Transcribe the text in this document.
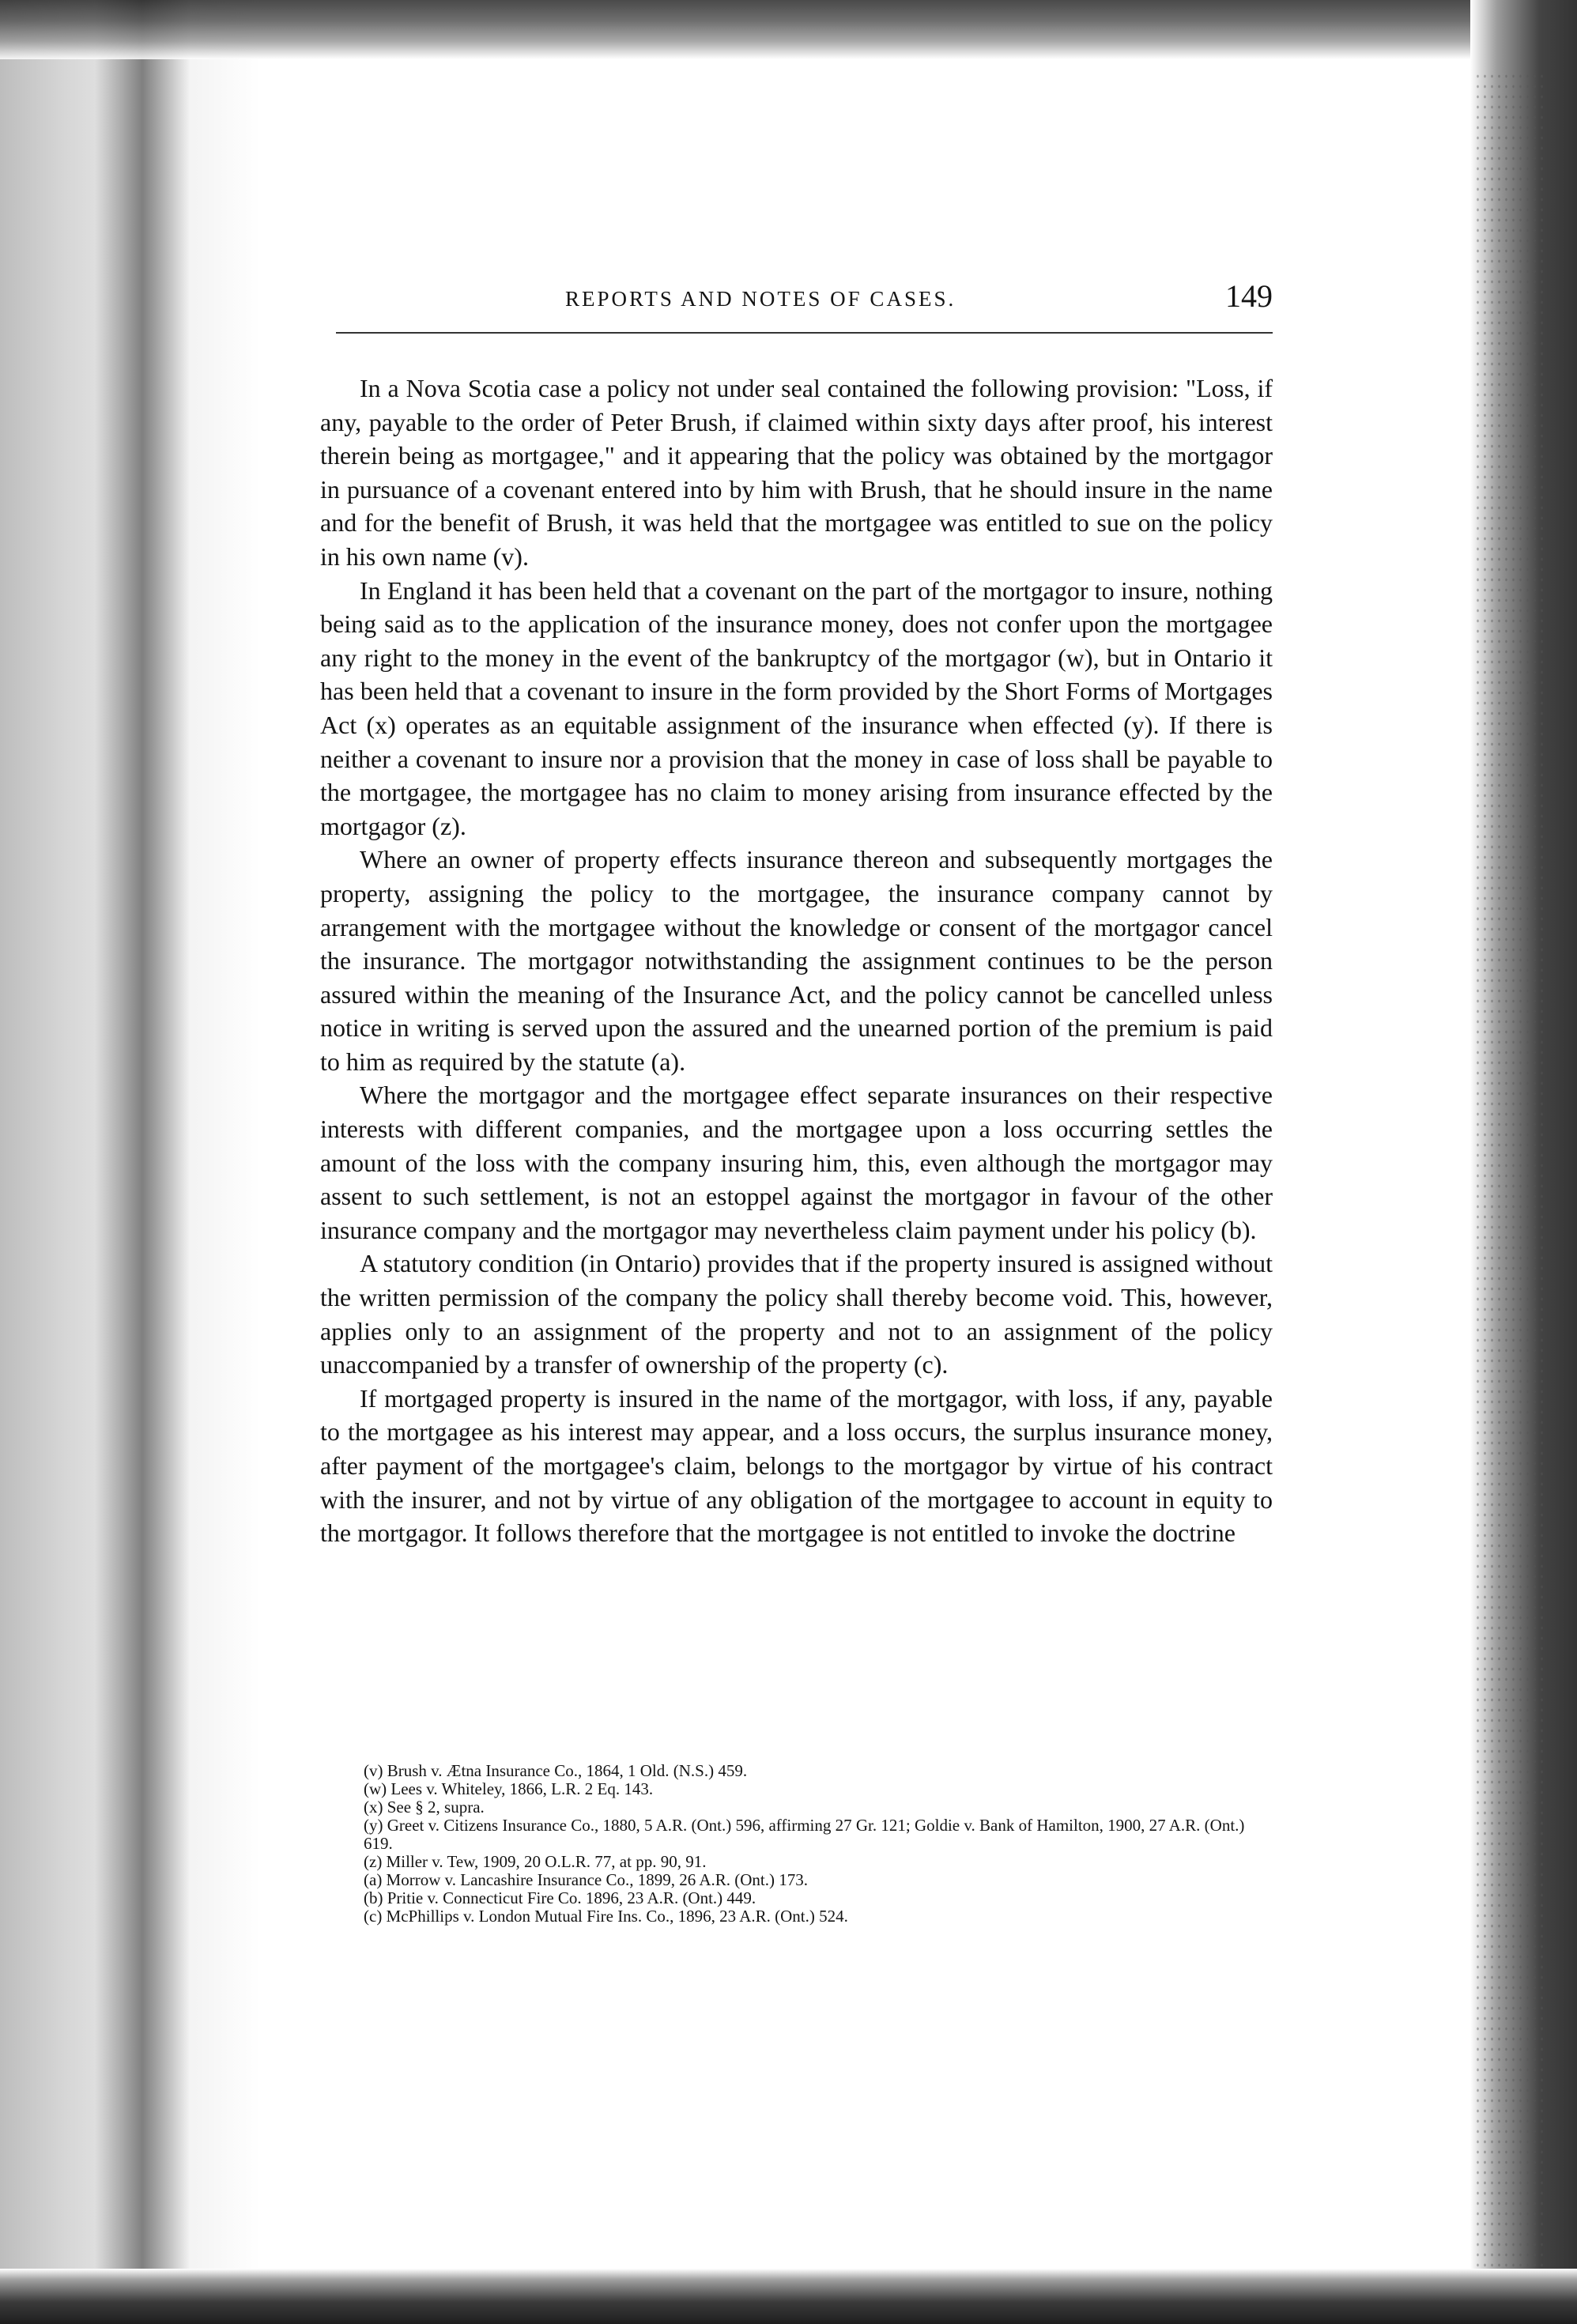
REPORTS AND NOTES OF CASES.	149

In a Nova Scotia case a policy not under seal contained the following provision: "Loss, if any, payable to the order of Peter Brush, if claimed within sixty days after proof, his interest therein being as mortgagee," and it appearing that the policy was obtained by the mortgagor in pursuance of a covenant entered into by him with Brush, that he should insure in the name and for the benefit of Brush, it was held that the mortgagee was entitled to sue on the policy in his own name (v).

In England it has been held that a covenant on the part of the mortgagor to insure, nothing being said as to the application of the insurance money, does not confer upon the mortgagee any right to the money in the event of the bankruptcy of the mortgagor (w), but in Ontario it has been held that a covenant to insure in the form provided by the Short Forms of Mortgages Act (x) operates as an equitable assignment of the insurance when effected (y). If there is neither a covenant to insure nor a provision that the money in case of loss shall be payable to the mortgagee, the mortgagee has no claim to money arising from insurance effected by the mortgagor (z).

Where an owner of property effects insurance thereon and subsequently mortgages the property, assigning the policy to the mortgagee, the insurance company cannot by arrangement with the mortgagee without the knowledge or consent of the mortgagor cancel the insurance. The mortgagor notwithstanding the assignment continues to be the person assured within the meaning of the Insurance Act, and the policy cannot be cancelled unless notice in writing is served upon the assured and the unearned portion of the premium is paid to him as required by the statute (a).

Where the mortgagor and the mortgagee effect separate insurances on their respective interests with different companies, and the mortgagee upon a loss occurring settles the amount of the loss with the company insuring him, this, even although the mortgagor may assent to such settlement, is not an estoppel against the mortgagor in favour of the other insurance company and the mortgagor may nevertheless claim payment under his policy (b).

A statutory condition (in Ontario) provides that if the property insured is assigned without the written permission of the company the policy shall thereby become void. This, however, applies only to an assignment of the property and not to an assignment of the policy unaccompanied by a transfer of ownership of the property (c).

If mortgaged property is insured in the name of the mortgagor, with loss, if any, payable to the mortgagee as his interest may appear, and a loss occurs, the surplus insurance money, after payment of the mortgagee's claim, belongs to the mortgagor by virtue of his contract with the insurer, and not by virtue of any obligation of the mortgagee to account in equity to the mortgagor. It follows therefore that the mortgagee is not entitled to invoke the doctrine

(v) Brush v. Ætna Insurance Co., 1864, 1 Old. (N.S.) 459.

(w) Lees v. Whiteley, 1866, L.R. 2 Eq. 143.

(x) See § 2, supra.

(y) Greet v. Citizens Insurance Co., 1880, 5 A.R. (Ont.) 596, affirming 27 Gr. 121; Goldie v. Bank of Hamilton, 1900, 27 A.R. (Ont.) 619.

(z) Miller v. Tew, 1909, 20 O.L.R. 77, at pp. 90, 91.

(a) Morrow v. Lancashire Insurance Co., 1899, 26 A.R. (Ont.) 173.

(b) Pritie v. Connecticut Fire Co. 1896, 23 A.R. (Ont.) 449.

(c) McPhillips v. London Mutual Fire Ins. Co., 1896, 23 A.R. (Ont.) 524.
